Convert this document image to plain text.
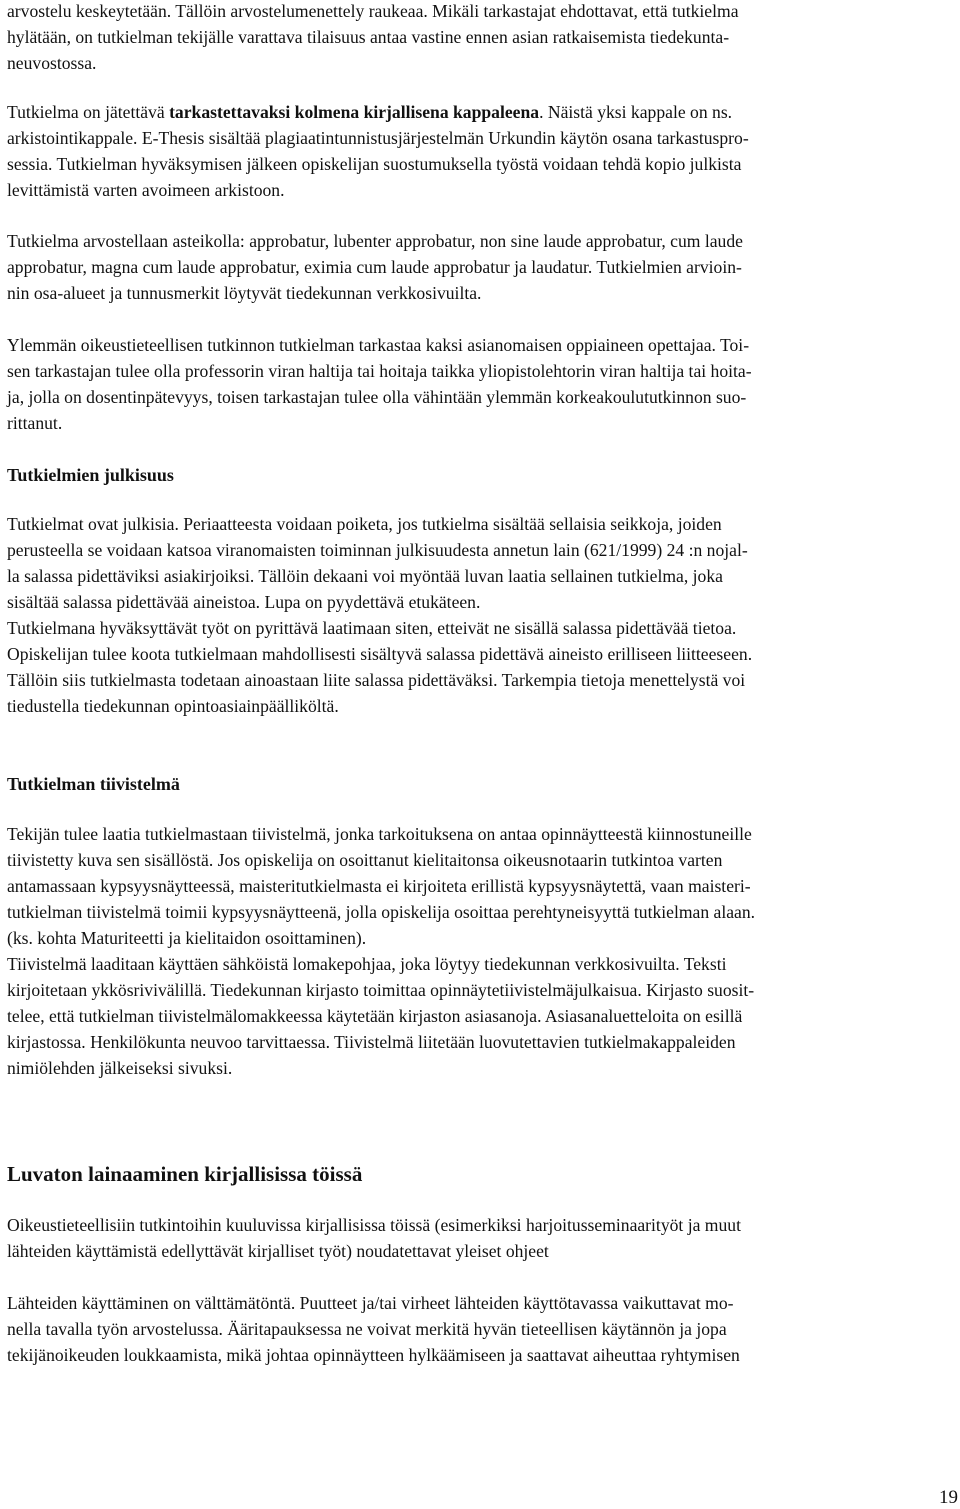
arvostelu keskeytetään. Tällöin arvostelumenettely raukeaa. Mikäli tarkastajat ehdottavat, että tutkielma
hylätään, on tutkielman tekijälle varattava tilaisuus antaa vastine ennen asian ratkaisemista tiedekunta-
neuvostossa.
Tutkielma on jätettävä tarkastettavaksi kolmena kirjallisena kappaleena. Näistä yksi kappale on ns.
arkistointikappale. E-Thesis sisältää plagiaatintunnistusjärjestelmän Urkundin käytön osana tarkastuspro-
sessia. Tutkielman hyväksymisen jälkeen opiskelijan suostumuksella työstä voidaan tehdä kopio julkista
levittämistä varten avoimeen arkistoon.
Tutkielma arvostellaan asteikolla: approbatur, lubenter approbatur, non sine laude approbatur, cum laude
approbatur, magna cum laude approbatur, eximia cum laude approbatur ja laudatur. Tutkielmien arvioin-
nin osa-alueet ja tunnusmerkit löytyvät tiedekunnan verkkosivuilta.
Ylemmän oikeustieteellisen tutkinnon tutkielman tarkastaa kaksi asianomaisen oppiaineen opettajaa. Toi-
sen tarkastajan tulee olla professorin viran haltija tai hoitaja taikka yliopistolehtorin viran haltija tai hoita-
ja, jolla on dosentinpätevyys, toisen tarkastajan tulee olla vähintään ylemmän korkeakoulututkinnon suo-
rittanut.
Tutkielmien julkisuus
Tutkielmat ovat julkisia. Periaatteesta voidaan poiketa, jos tutkielma sisältää sellaisia seikkoja, joiden
perusteella se voidaan katsoa viranomaisten toiminnan julkisuudesta annetun lain (621/1999) 24 :n nojal-
la salassa pidettäviksi asiakirjoiksi. Tällöin dekaani voi myöntää luvan laatia sellainen tutkielma, joka
sisältää salassa pidettävää aineistoa. Lupa on pyydettävä etukäteen.
Tutkielmana hyväksyttävät työt on pyrittävä laatimaan siten, etteivät ne sisällä salassa pidettävää tietoa.
Opiskelijan tulee koota tutkielmaan mahdollisesti sisältyvä salassa pidettävä aineisto erilliseen liitteeseen.
Tällöin siis tutkielmasta todetaan ainoastaan liite salassa pidettäväksi. Tarkempia tietoja menettelystä voi
tiedustella tiedekunnan opintoasiainpäälliköltä.
Tutkielman tiivistelmä
Tekijän tulee laatia tutkielmastaan tiivistelmä, jonka tarkoituksena on antaa opinnäytteestä kiinnostuneille
tiivistetty kuva sen sisällöstä. Jos opiskelija on osoittanut kielitaitonsa oikeusnotaarin tutkintoa varten
antamassaan kypsyysnäytteessä, maisteritutkielmasta ei kirjoiteta erillistä kypsyysnäytettä, vaan maisteri-
tutkielman tiivistelmä toimii kypsyysnäytteenä, jolla opiskelija osoittaa perehtyneisyyttä tutkielman alaan.
(ks. kohta Maturiteetti ja kielitaidon osoittaminen).
Tiivistelmä laaditaan käyttäen sähköistä lomakepohjaa, joka löytyy tiedekunnan verkkosivuilta. Teksti
kirjoitetaan ykkösrivivälillä. Tiedekunnan kirjasto toimittaa opinnäytetiivistelmäjulkaisua. Kirjasto suosit-
telee, että tutkielman tiivistelmälomakkeessa käytetään kirjaston asiasanoja. Asiasanaluetteloita on esillä
kirjastossa. Henkilökunta neuvoo tarvittaessa. Tiivistelmä liitetään luovutettavien tutkielmakappaleiden
nimiölehden jälkeiseksi sivuksi.
Luvaton lainaaminen kirjallisissa töissä
Oikeustieteellisiin tutkintoihin kuuluvissa kirjallisissa töissä (esimerkiksi harjoitusseminaarityöt ja muut
lähteiden käyttämistä edellyttävät kirjalliset työt) noudatettavat yleiset ohjeet
Lähteiden käyttäminen on välttämätöntä. Puutteet ja/tai virheet lähteiden käyttötavassa vaikuttavat mo-
nella tavalla työn arvostelussa. Ääritapauksessa ne voivat merkitä hyvän tieteellisen käytännön ja jopa
tekijänoikeuden loukkaamista, mikä johtaa opinnäytteen hylkäämiseen ja saattavat aiheuttaa ryhtymisen
19
